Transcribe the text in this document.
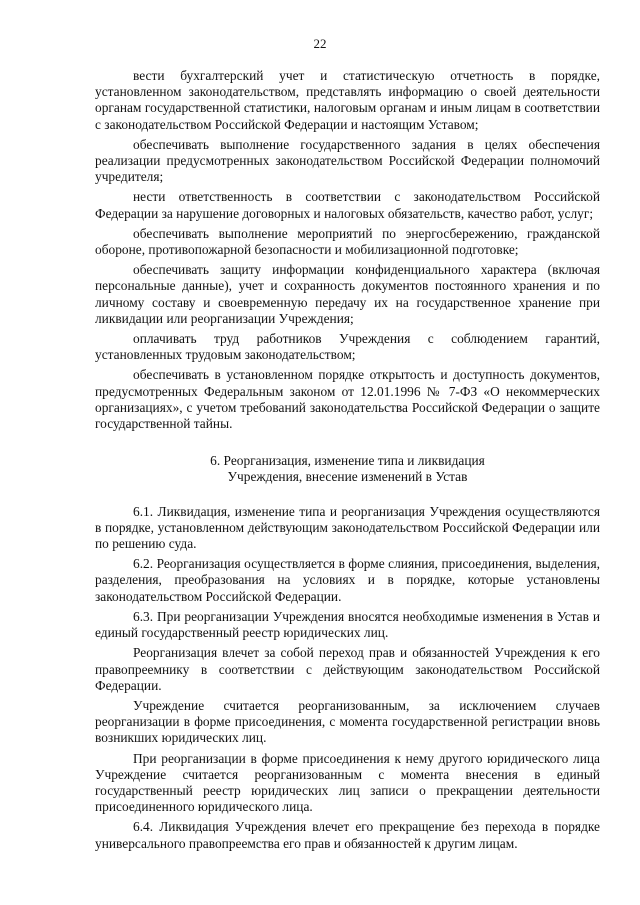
22

вести бухгалтерский учет и статистическую отчетность в порядке, установленном законодательством, представлять информацию о своей деятельности органам государственной статистики, налоговым органам и иным лицам в соответствии с законодательством Российской Федерации и настоящим Уставом;

обеспечивать выполнение государственного задания в целях обеспечения реализации предусмотренных законодательством Российской Федерации полномочий учредителя;

нести ответственность в соответствии с законодательством Российской Федерации за нарушение договорных и налоговых обязательств, качество работ, услуг;

обеспечивать выполнение мероприятий по энергосбережению, гражданской обороне, противопожарной безопасности и мобилизационной подготовке;

обеспечивать защиту информации конфиденциального характера (включая персональные данные), учет и сохранность документов постоянного хранения и по личному составу и своевременную передачу их на государственное хранение при ликвидации или реорганизации Учреждения;

оплачивать труд работников Учреждения с соблюдением гарантий, установленных трудовым законодательством;

обеспечивать в установленном порядке открытость и доступность документов, предусмотренных Федеральным законом от 12.01.1996 № 7-ФЗ «О некоммерческих организациях», с учетом требований законодательства Российской Федерации о защите государственной тайны.

6. Реорганизация, изменение типа и ликвидация
Учреждения, внесение изменений в Устав

6.1. Ликвидация, изменение типа и реорганизация Учреждения осуществляются в порядке, установленном действующим законодательством Российской Федерации или по решению суда.

6.2. Реорганизация осуществляется в форме слияния, присоединения, выделения, разделения, преобразования на условиях и в порядке, которые установлены законодательством Российской Федерации.

6.3. При реорганизации Учреждения вносятся необходимые изменения в Устав и единый государственный реестр юридических лиц.

Реорганизация влечет за собой переход прав и обязанностей Учреждения к его правопреемнику в соответствии с действующим законодательством Российской Федерации.

Учреждение считается реорганизованным, за исключением случаев реорганизации в форме присоединения, с момента государственной регистрации вновь возникших юридических лиц.

При реорганизации в форме присоединения к нему другого юридического лица Учреждение считается реорганизованным с момента внесения в единый государственный реестр юридических лиц записи о прекращении деятельности присоединенного юридического лица.

6.4. Ликвидация Учреждения влечет его прекращение без перехода в порядке универсального правопреемства его прав и обязанностей к другим лицам.
